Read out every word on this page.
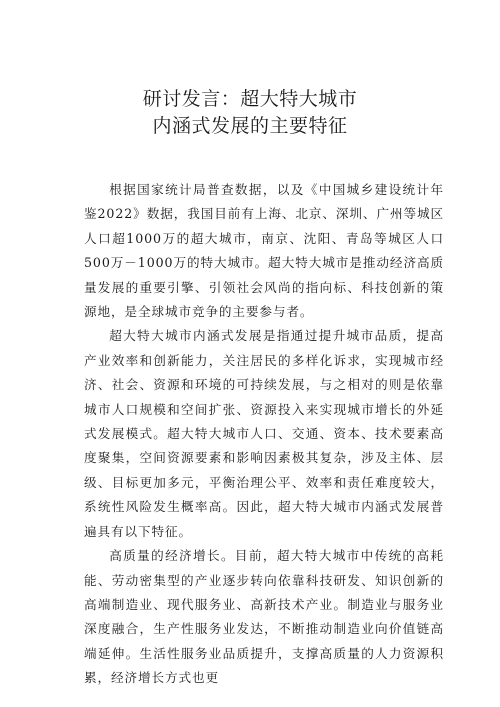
研讨发言：超大特大城市
内涵式发展的主要特征

根据国家统计局普查数据，以及《中国城乡建设统计年鉴2022》数据，我国目前有上海、北京、深圳、广州等城区人口超1000万的超大城市，南京、沈阳、青岛等城区人口500万－1000万的特大城市。超大特大城市是推动经济高质量发展的重要引擎、引领社会风尚的指向标、科技创新的策源地，是全球城市竞争的主要参与者。

超大特大城市内涵式发展是指通过提升城市品质，提高产业效率和创新能力，关注居民的多样化诉求，实现城市经济、社会、资源和环境的可持续发展，与之相对的则是依靠城市人口规模和空间扩张、资源投入来实现城市增长的外延式发展模式。超大特大城市人口、交通、资本、技术要素高度聚集，空间资源要素和影响因素极其复杂，涉及主体、层级、目标更加多元，平衡治理公平、效率和责任难度较大，系统性风险发生概率高。因此，超大特大城市内涵式发展普遍具有以下特征。

高质量的经济增长。目前，超大特大城市中传统的高耗能、劳动密集型的产业逐步转向依靠科技研发、知识创新的高端制造业、现代服务业、高新技术产业。制造业与服务业深度融合，生产性服务业发达，不断推动制造业向价值链高端延伸。生活性服务业品质提升，支撑高质量的人力资源积累，经济增长方式也更
